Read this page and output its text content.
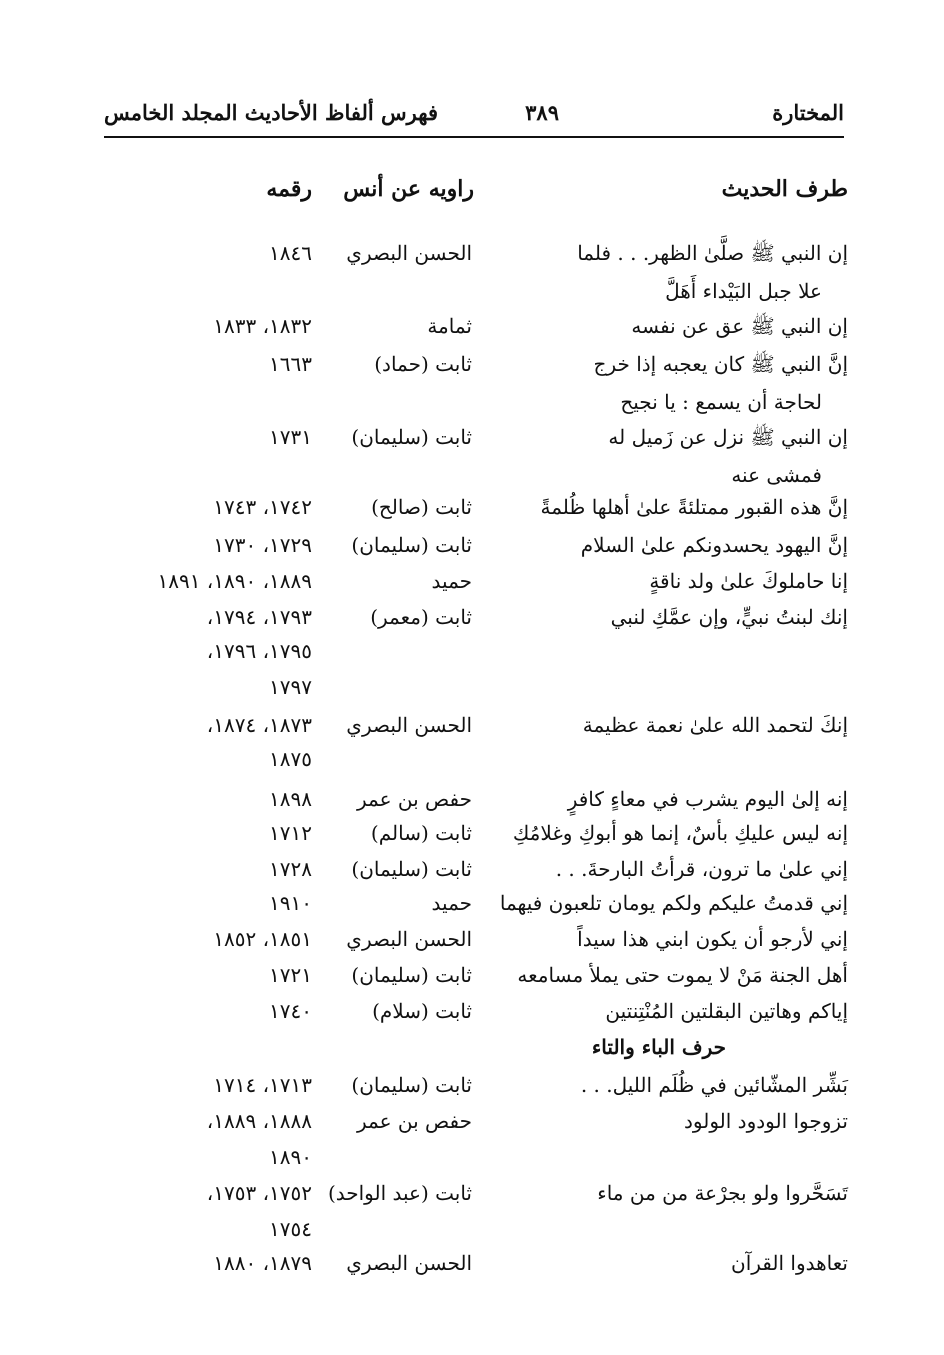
المختارة
٣٨٩
فهرس ألفاظ الأحاديث المجلد الخامس
طرف الحديث
راويه عن أنس
رقمه
إن النبي ﷺ صلَّىٰ الظهر. . . فلما
الحسن البصري
١٨٤٦
علا جبل البَيْداء أَهَلَّ
إن النبي ﷺ عق عن نفسه
ثمامة
١٨٣٢، ١٨٣٣
إنَّ النبي ﷺ كان يعجبه إذا خرج
ثابت (حماد)
١٦٦٣
لحاجة أن يسمع : يا نجيح
إن النبي ﷺ نزل عن زَميل له
ثابت (سليمان)
١٧٣١
فمشى عنه
إنَّ هذه القبور ممتلئةً علىٰ أهلها ظُلمةً
ثابت (صالح)
١٧٤٢، ١٧٤٣
إنَّ اليهود يحسدونكم علىٰ السلام
ثابت (سليمان)
١٧٢٩، ١٧٣٠
إنا حاملوكَ علىٰ ولد ناقةٍ
حميد
١٨٨٩، ١٨٩٠، ١٨٩١
إنك لبنتُ نبيٍّ، وإن عمَّكِ لنبي
ثابت (معمر)
١٧٩٣، ١٧٩٤،
١٧٩٥، ١٧٩٦،
١٧٩٧
إنكَ لتحمد الله علىٰ نعمة عظيمة
الحسن البصري
١٨٧٣، ١٨٧٤،
١٨٧٥
إنه إلىٰ اليوم يشرب في معاءٍ كافرٍ
حفص بن عمر
١٨٩٨
إنه ليس عليكِ بأسٌ، إنما هو أبوكِ وغلامُكِ
ثابت (سالم)
١٧١٢
إني علىٰ ما ترون، قرأتُ البارحةَ. . .
ثابت (سليمان)
١٧٢٨
إني قدمتُ عليكم ولكم يومان تلعبون فيهما
حميد
١٩١٠
إني لأرجو أن يكون ابني هذا سيداً
الحسن البصري
١٨٥١، ١٨٥٢
أهل الجنة مَنْ لا يموت حتى يملأ مسامعه
ثابت (سليمان)
١٧٢١
إياكم وهاتين البقلتين المُنْتِنتين
ثابت (سلام)
١٧٤٠
حرف الباء والتاء
بَشِّر المشّائين في ظُلَم الليل. . .
ثابت (سليمان)
١٧١٣، ١٧١٤
تزوجوا الودود الولود
حفص بن عمر
١٨٨٨، ١٨٨٩،
١٨٩٠
تَسَحَّروا ولو بجرْعة من من ماء
ثابت (عبد الواحد)
١٧٥٢، ١٧٥٣،
١٧٥٤
تعاهدوا القرآن
الحسن البصري
١٨٧٩، ١٨٨٠
